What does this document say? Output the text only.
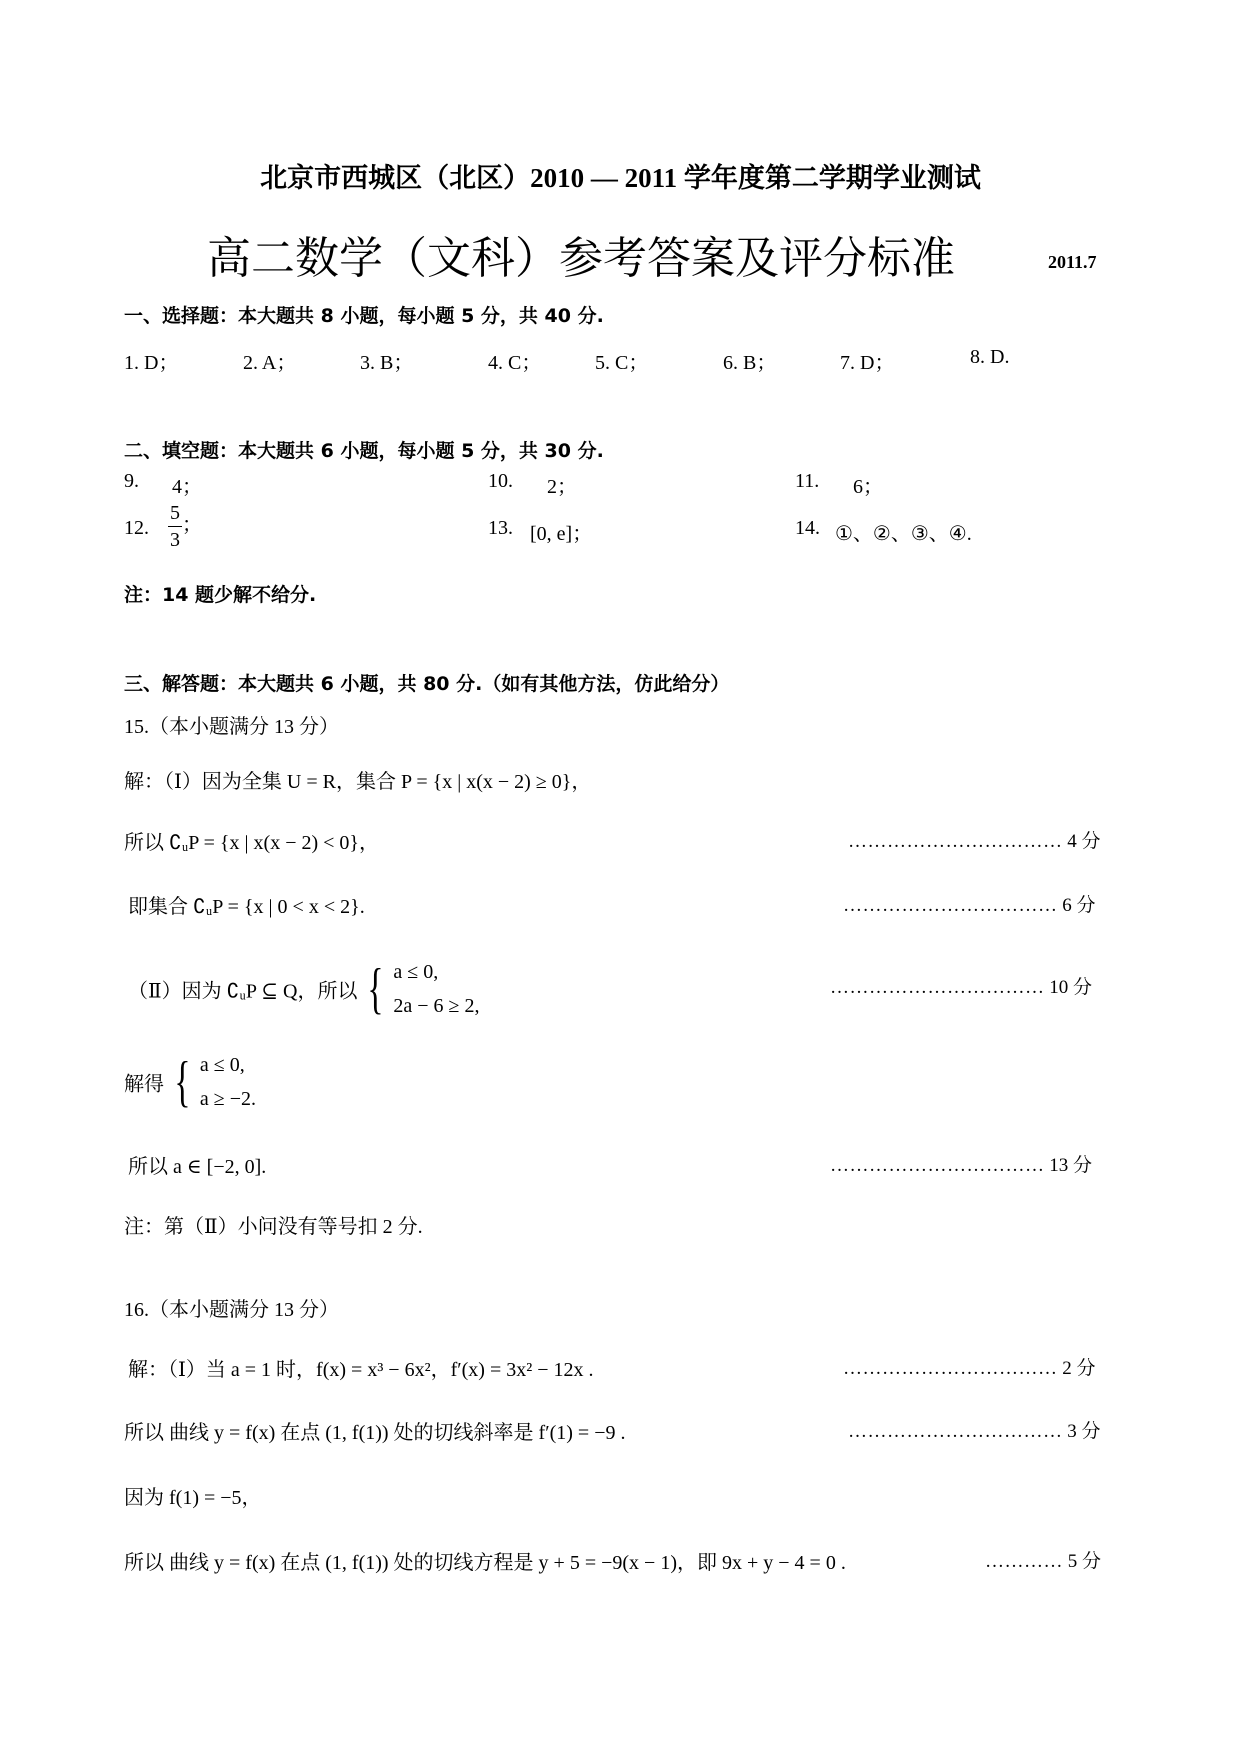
北京市西城区（北区）2010 — 2011 学年度第二学期学业测试
高二数学（文科）参考答案及评分标准	2011.7
一、选择题：本大题共 8 小题，每小题 5 分，共 40 分.
1. D；	2. A；	3. B；	4. C；	5. C；	6. B；	7. D；	8. D.
二、填空题：本大题共 6 小题，每小题 5 分，共 30 分.
9. 4；	10. 2；	11. 6；
12. $\frac{5}{3}$ ；	13. [0, e]；	14. ①、②、③、④.
注：14 题少解不给分.
三、解答题：本大题共 6 小题，共 80 分.（如有其他方法，仿此给分）
15.（本小题满分 13 分）
解：（Ⅰ）因为全集 U = R，集合 P = {x | x(x − 2) ≥ 0}，
所以 ∁ᵤP = {x | x(x − 2) < 0}，	…………………………… 4 分
即集合 ∁ᵤP = {x | 0 < x < 2}.	…………………………… 6 分
（Ⅱ）因为 ∁ᵤP ⊆ Q，所以 { a ≤ 0,
2a − 6 ≥ 2,
…………………………… 10 分
解得 { a ≤ 0,
a ≥ −2.
所以 a ∈ [−2, 0].	…………………………… 13 分
注：第（Ⅱ）小问没有等号扣 2 分.
16.（本小题满分 13 分）
解：（Ⅰ）当 a = 1 时，f(x) = x³ − 6x²，f′(x) = 3x² − 12x .	…………………………… 2 分
所以 曲线 y = f(x) 在点 (1, f(1)) 处的切线斜率是 f′(1) = −9 .	…………………………… 3 分
因为 f(1) = −5，
所以 曲线 y = f(x) 在点 (1, f(1)) 处的切线方程是 y + 5 = −9(x − 1)，即 9x + y − 4 = 0 .	………… 5 分
